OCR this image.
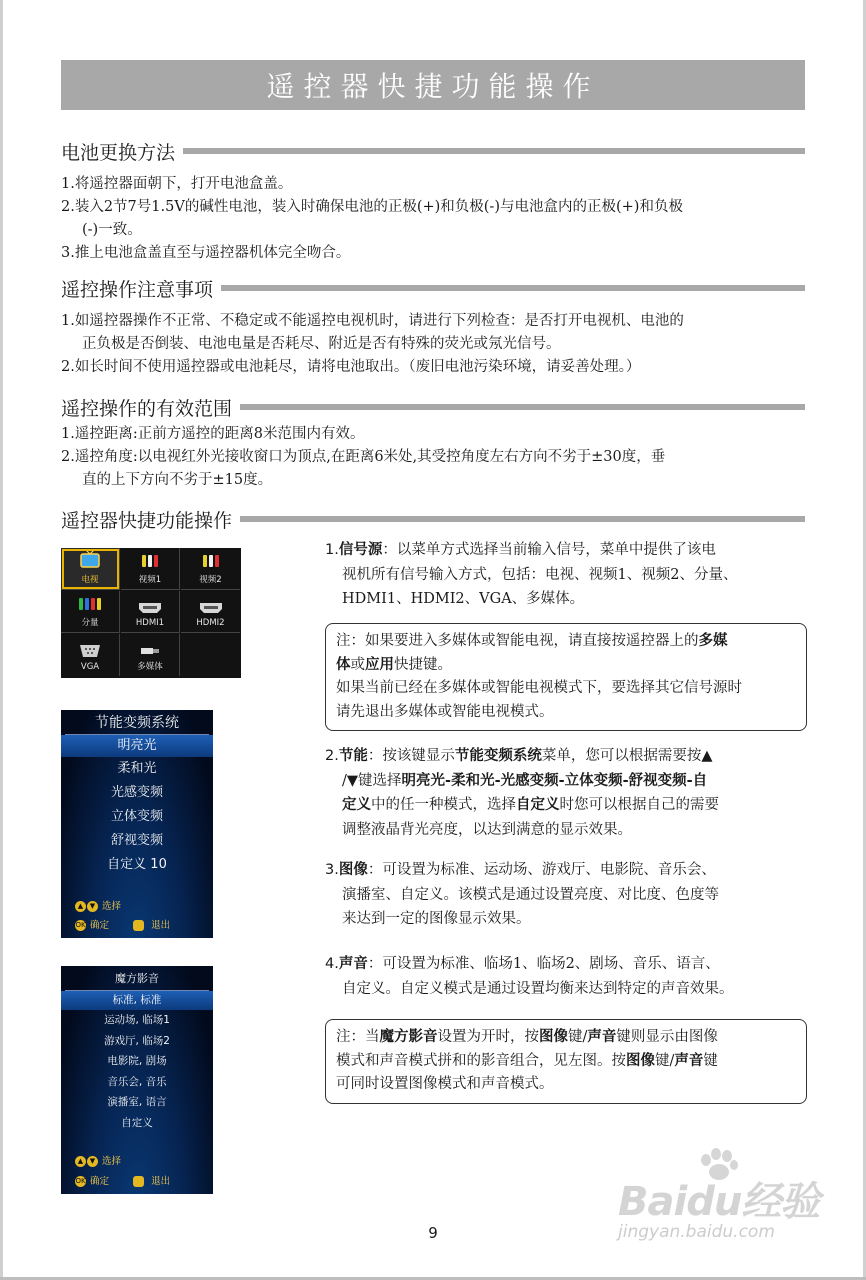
遥控器快捷功能操作
电池更换方法

1.将遥控器面朝下，打开电池盒盖。

2.装入2节7号1.5V的碱性电池，装入时确保电池的正极(+)和负极(-)与电池盒内的正极(+)和负极

(-)一致。

3.推上电池盒盖直至与遥控器机体完全吻合。

遥控操作注意事项

1.如遥控器操作不正常、不稳定或不能遥控电视机时，请进行下列检查：是否打开电视机、电池的

正负极是否倒装、电池电量是否耗尽、附近是否有特殊的荧光或氖光信号。

2.如长时间不使用遥控器或电池耗尽，请将电池取出。（废旧电池污染环境，请妥善处理。）

遥控操作的有效范围

1.遥控距离:正前方遥控的距离8米范围内有效。

2.遥控角度:以电视红外光接收窗口为顶点,在距离6米处,其受控角度左右方向不劣于±30度，垂

直的上下方向不劣于±15度。

遥控器快捷功能操作
电视	视频1	视频2
分量	HDMI1	HDMI2
VGA	多媒体
节能变频系统
明亮光
柔和光
光感变频
立体变频
舒视变频
自定义 10
▲ ▼ 选择
OK 确定	退出
魔方影音
标准, 标准
运动场, 临场1
游戏厅, 临场2
电影院, 剧场
音乐会, 音乐
演播室, 语言
自定义
▲ ▼ 选择
OK 确定	退出

1.信号源：以菜单方式选择当前输入信号，菜单中提供了该电
视机所有信号输入方式，包括：电视、视频1、视频2、分量、
HDMI1、HDMI2、VGA、多媒体。

注：如果要进入多媒体或智能电视，请直接按遥控器上的多媒
体或应用快捷键。
如果当前已经在多媒体或智能电视模式下，要选择其它信号源时
请先退出多媒体或智能电视模式。

2.节能：按该键显示节能变频系统菜单，您可以根据需要按▲
/▼键选择明亮光-柔和光-光感变频-立体变频-舒视变频-自
定义中的任一种模式，选择自定义时您可以根据自己的需要
调整液晶背光亮度，以达到满意的显示效果。

3.图像：可设置为标准、运动场、游戏厅、电影院、音乐会、
演播室、自定义。该模式是通过设置亮度、对比度、色度等
来达到一定的图像显示效果。

4.声音：可设置为标准、临场1、临场2、剧场、音乐、语言、
自定义。自定义模式是通过设置均衡来达到特定的声音效果。

注：当魔方影音设置为开时，按图像键/声音键则显示由图像
模式和声音模式拼和的影音组合，见左图。按图像键/声音键
可同时设置图像模式和声音模式。
9
Baidu经验
jingyan.baidu.com
